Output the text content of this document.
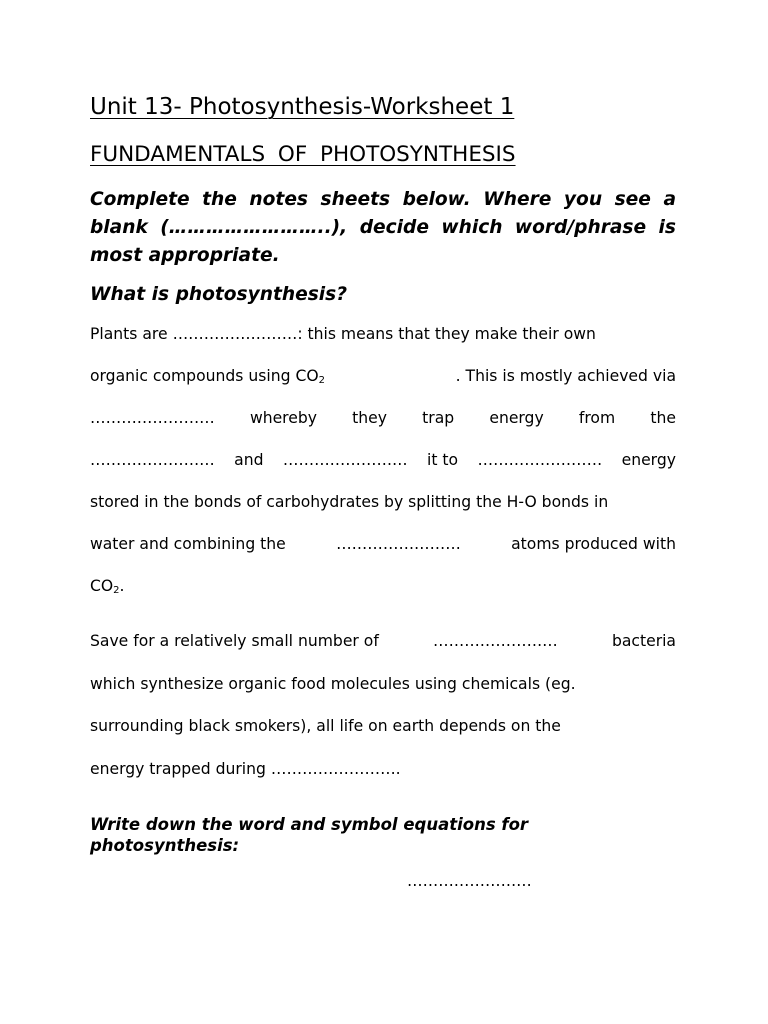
Unit 13- Photosynthesis-Worksheet 1
FUNDAMENTALS OF PHOTOSYNTHESIS

Complete the notes sheets below. Where you see a blank (……………………..), decide which word/phrase is most appropriate.

What is photosynthesis?

Plants are ……………………: this means that they make their own
organic compounds using $CO_2$	. This is mostly achieved via
…………………… whereby they trap energy from the
…………………… and …………………… it to …………………… energy
stored in the bonds of carbohydrates by splitting the H-O bonds in
water and combining the	……………………	atoms produced with
$CO_2$.
Save for a relatively small number of	……………………	bacteria
which synthesize organic food molecules using chemicals (eg.
surrounding black smokers), all life on earth depends on the
energy trapped during
…………………… .

Write down the word and symbol equations for photosynthesis:

……………………
